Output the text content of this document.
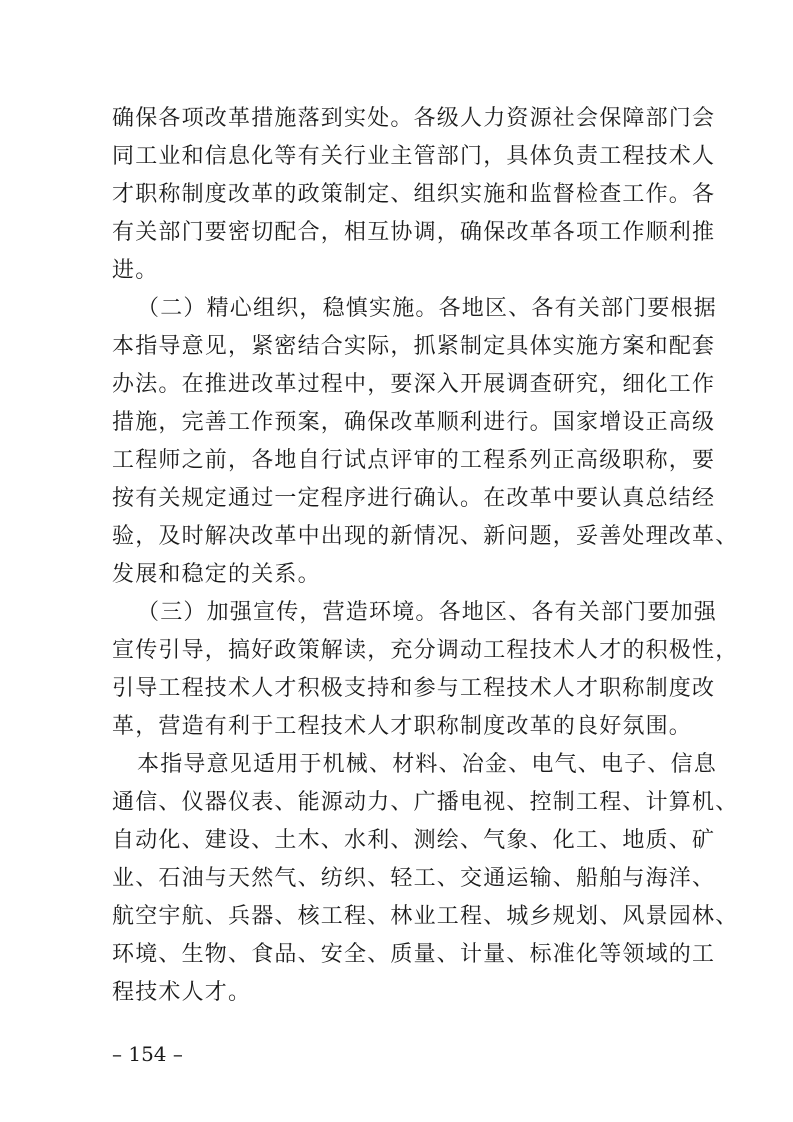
确保各项改革措施落到实处。各级人力资源社会保障部门会
同工业和信息化等有关行业主管部门，具体负责工程技术人
才职称制度改革的政策制定、组织实施和监督检查工作。各
有关部门要密切配合，相互协调，确保改革各项工作顺利推
进。
（二）精心组织，稳慎实施。各地区、各有关部门要根据
本指导意见，紧密结合实际，抓紧制定具体实施方案和配套
办法。在推进改革过程中，要深入开展调查研究，细化工作
措施，完善工作预案，确保改革顺利进行。国家增设正高级
工程师之前，各地自行试点评审的工程系列正高级职称，要
按有关规定通过一定程序进行确认。在改革中要认真总结经
验，及时解决改革中出现的新情况、新问题，妥善处理改革、
发展和稳定的关系。
（三）加强宣传，营造环境。各地区、各有关部门要加强
宣传引导，搞好政策解读，充分调动工程技术人才的积极性，
引导工程技术人才积极支持和参与工程技术人才职称制度改
革，营造有利于工程技术人才职称制度改革的良好氛围。
本指导意见适用于机械、材料、冶金、电气、电子、信息
通信、仪器仪表、能源动力、广播电视、控制工程、计算机、
自动化、建设、土木、水利、测绘、气象、化工、地质、矿
业、石油与天然气、纺织、轻工、交通运输、船舶与海洋、
航空宇航、兵器、核工程、林业工程、城乡规划、风景园林、
环境、生物、食品、安全、质量、计量、标准化等领域的工
程技术人才。
– 154 –
